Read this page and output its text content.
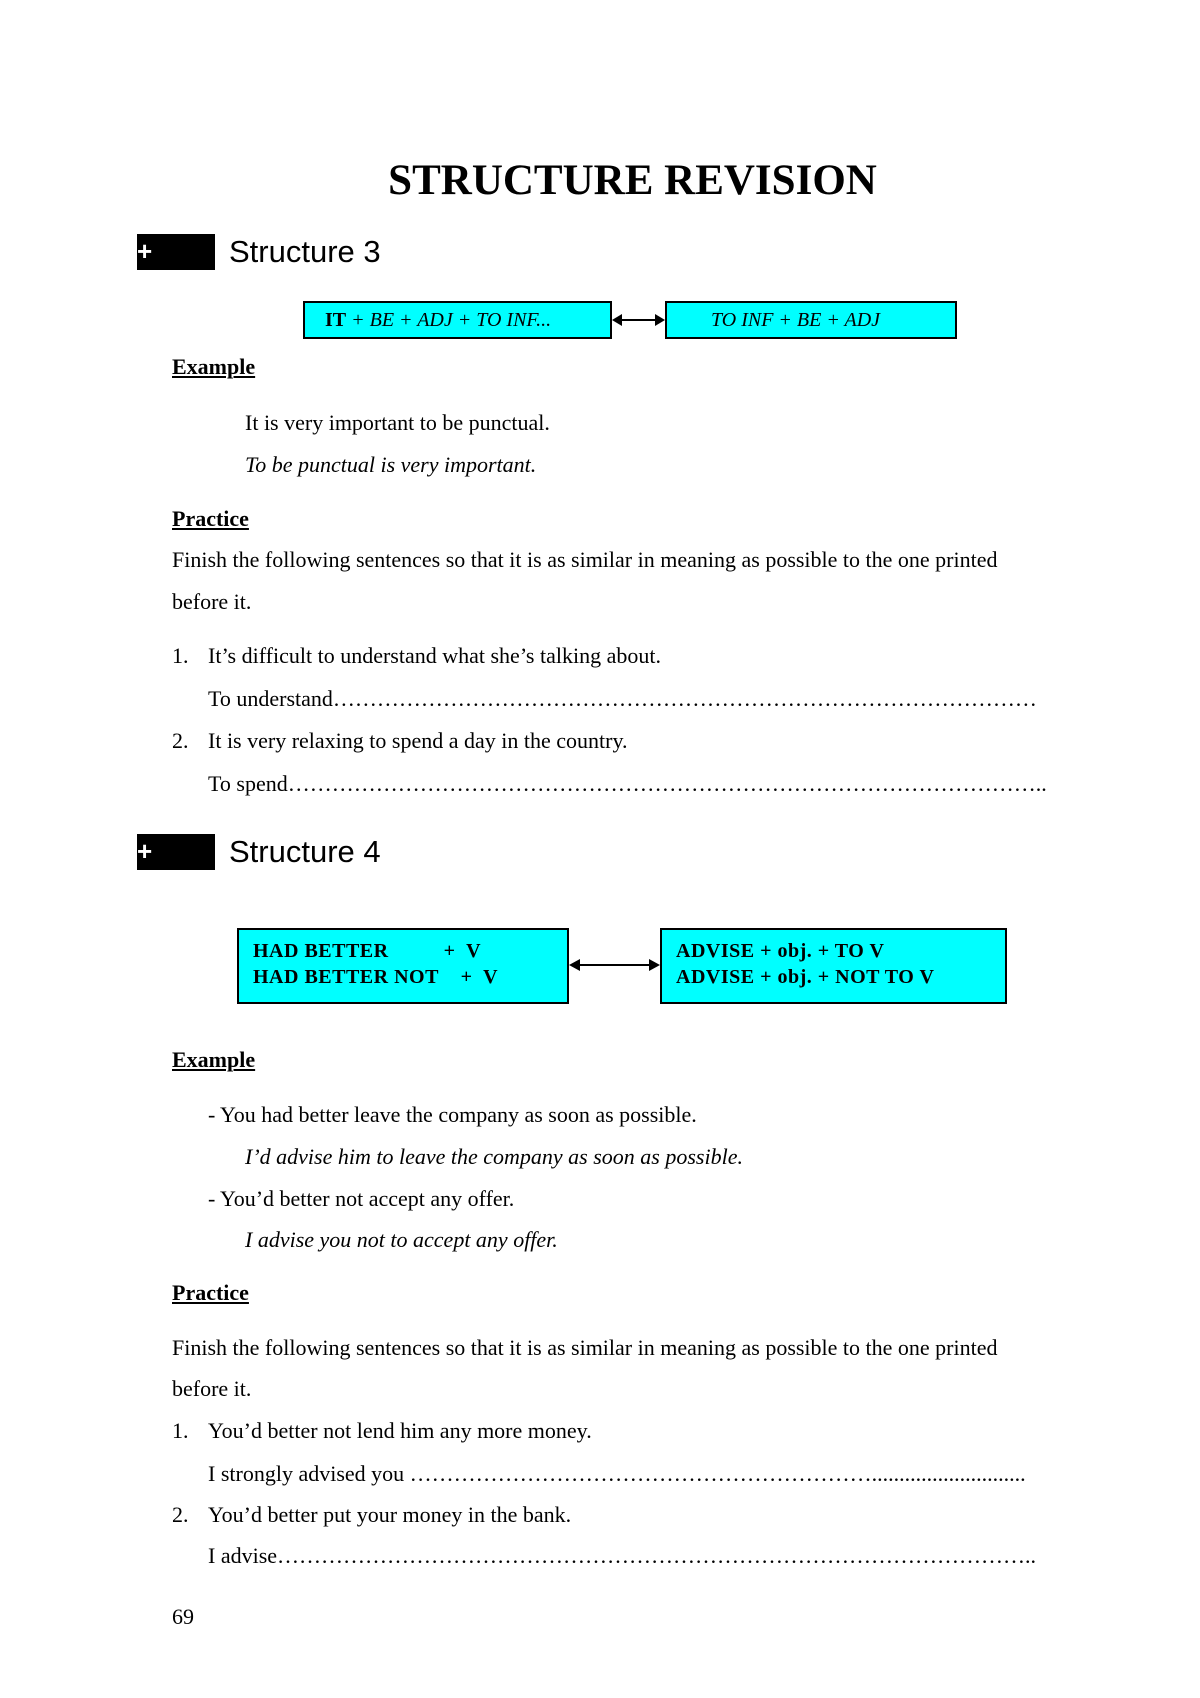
STRUCTURE REVISION
+ Structure 3
IT + BE + ADJ + TO INF...	TO INF + BE + ADJ
Example
It is very important to be punctual.
To be punctual is very important.
Practice
Finish the following sentences so that it is as similar in meaning as possible to the one printed
before it.
1. It’s difficult to understand what she’s talking about.
To understand……………………………………………………………………………………
2. It is very relaxing to spend a day in the country.
To spend…………………………………………………………………………………………..
+ Structure 4
HAD BETTER          +  V
HAD BETTER NOT    +  V
ADVISE + obj. + TO V
ADVISE + obj. + NOT TO V
Example
- You had better leave the company as soon as possible.
I’d advise him to leave the company as soon as possible.
- You’d better not accept any offer.
I advise you not to accept any offer.
Practice
Finish the following sentences so that it is as similar in meaning as possible to the one printed
before it.
1. You’d better not lend him any more money.
I strongly advised you ………………………………………………………............................
2. You’d better put your money in the bank.
I advise…………………………………………………………………………………………..
69
